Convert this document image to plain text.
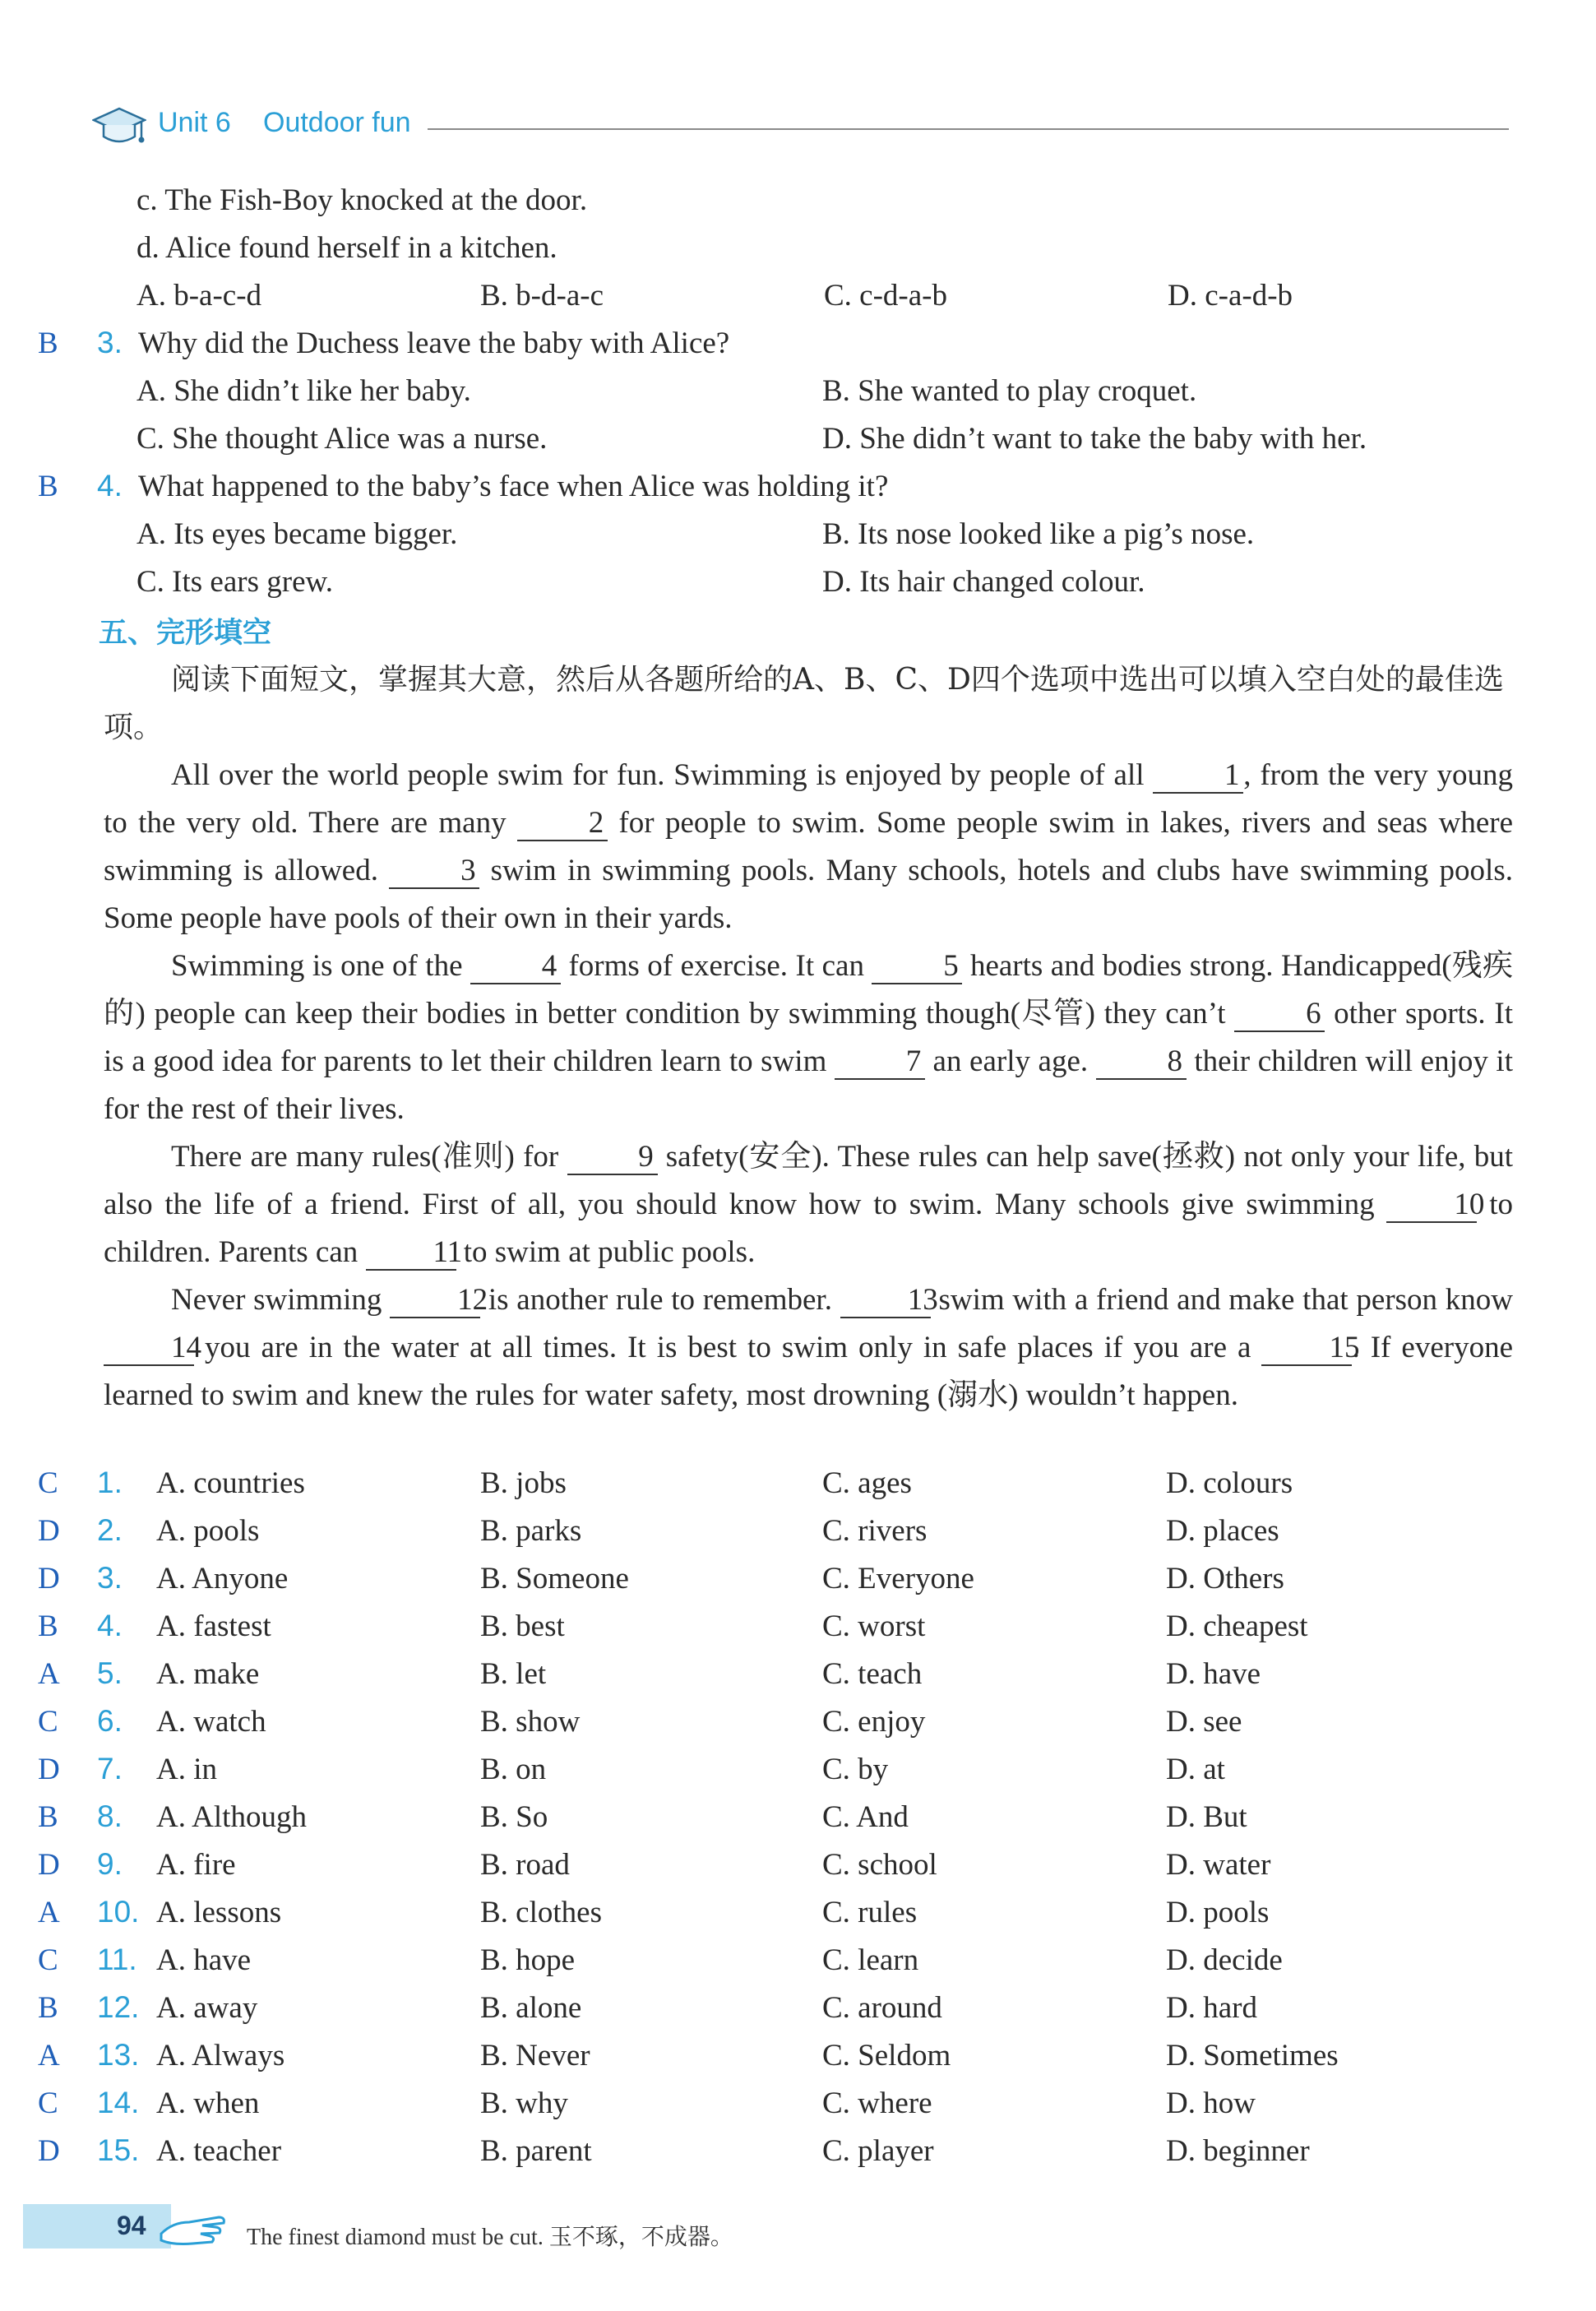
Unit 6 Outdoor fun
c. The Fish-Boy knocked at the door.
d. Alice found herself in a kitchen.
A. b-a-c-d	B. b-d-a-c	C. c-d-a-b	D. c-a-d-b
B 3. Why did the Duchess leave the baby with Alice?
A. She didn’t like her baby.	B. She wanted to play croquet.
C. She thought Alice was a nurse.	D. She didn’t want to take the baby with her.
B 4. What happened to the baby’s face when Alice was holding it?
A. Its eyes became bigger.	B. Its nose looked like a pig’s nose.
C. Its ears grew.	D. Its hair changed colour.
五、完形填空
阅读下面短文，掌握其大意，然后从各题所给的A、B、C、D四个选项中选出可以填入空白处的最佳选项。
All over the world people swim for fun. Swimming is enjoyed by people of all 1 , from the very young to the very old. There are many 2 for people to swim. Some people swim in lakes, rivers and seas where swimming is allowed. 3 swim in swimming pools. Many schools, hotels and clubs have swimming pools. Some people have pools of their own in their yards.
Swimming is one of the 4 forms of exercise. It can 5 hearts and bodies strong. Handicapped(残疾的) people can keep their bodies in better condition by swimming though(尽管) they can’t 6 other sports. It is a good idea for parents to let their children learn to swim 7 an early age. 8 their children will enjoy it for the rest of their lives.
There are many rules(准则) for 9 safety(安全). These rules can help save(拯救) not only your life, but also the life of a friend. First of all, you should know how to swim. Many schools give swimming 10 to children. Parents can 11 to swim at public pools.
Never swimming 12 is another rule to remember. 13 swim with a friend and make that person know 14 you are in the water at all times. It is best to swim only in safe places if you are a 15. If everyone learned to swim and knew the rules for water safety, most drowning (溺水) wouldn’t happen.
C 1. A. countries	B. jobs	C. ages	D. colours
D 2. A. pools	B. parks	C. rivers	D. places
D 3. A. Anyone	B. Someone	C. Everyone	D. Others
B 4. A. fastest	B. best	C. worst	D. cheapest
A 5. A. make	B. let	C. teach	D. have
C 6. A. watch	B. show	C. enjoy	D. see
D 7. A. in	B. on	C. by	D. at
B 8. A. Although	B. So	C. And	D. But
D 9. A. fire	B. road	C. school	D. water
A 10. A. lessons	B. clothes	C. rules	D. pools
C 11. A. have	B. hope	C. learn	D. decide
B 12. A. away	B. alone	C. around	D. hard
A 13. A. Always	B. Never	C. Seldom	D. Sometimes
C 14. A. when	B. why	C. where	D. how
D 15. A. teacher	B. parent	C. player	D. beginner
94	The finest diamond must be cut. 玉不琢，不成器。
